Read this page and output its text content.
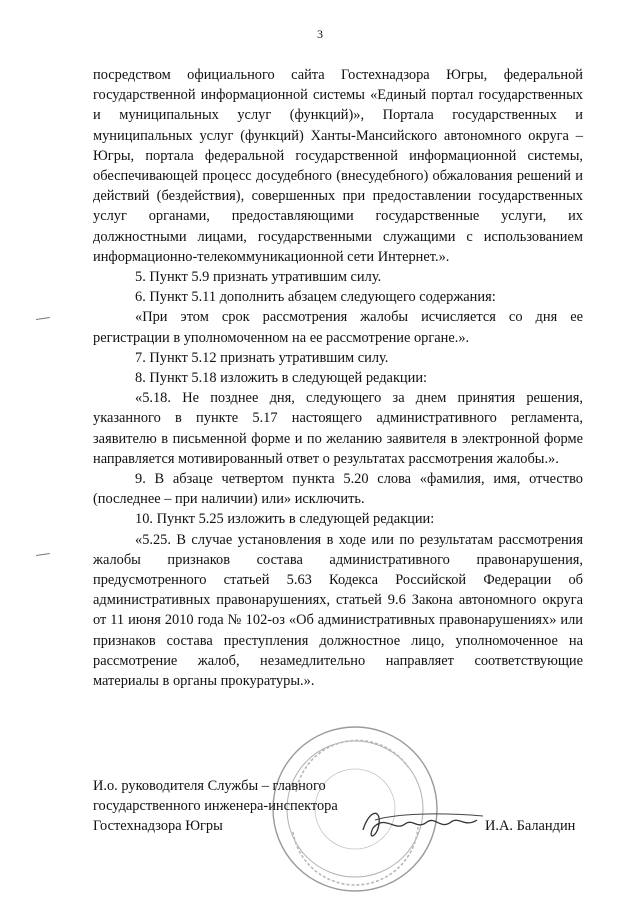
3

посредством официального сайта Гостехнадзора Югры, федеральной государственной информационной системы «Единый портал государственных и муниципальных услуг (функций)», Портала государственных и муниципальных услуг (функций) Ханты-Мансийского автономного округа – Югры, портала федеральной государственной информационной системы, обеспечивающей процесс досудебного (внесудебного) обжалования решений и действий (бездействия), совершенных при предоставлении государственных услуг органами, предоставляющими государственные услуги, их должностными лицами, государственными служащими с использованием информационно-телекоммуникационной сети Интернет.».

5. Пункт 5.9 признать утратившим силу.

6. Пункт 5.11 дополнить абзацем следующего содержания:

«При этом срок рассмотрения жалобы исчисляется со дня ее регистрации в уполномоченном на ее рассмотрение органе.».

7. Пункт 5.12 признать утратившим силу.

8. Пункт 5.18 изложить в следующей редакции:

«5.18. Не позднее дня, следующего за днем принятия решения, указанного в пункте 5.17 настоящего административного регламента, заявителю в письменной форме и по желанию заявителя в электронной форме направляется мотивированный ответ о результатах рассмотрения жалобы.».

9. В абзаце четвертом пункта 5.20 слова «фамилия, имя, отчество (последнее – при наличии) или» исключить.

10. Пункт 5.25 изложить в следующей редакции:

«5.25. В случае установления в ходе или по результатам рассмотрения жалобы признаков состава административного правонарушения, предусмотренного статьей 5.63 Кодекса Российской Федерации об административных правонарушениях, статьей 9.6 Закона автономного округа от 11 июня 2010 года № 102-оз «Об административных правонарушениях» или признаков состава преступления должностное лицо, уполномоченное на рассмотрение жалоб, незамедлительно направляет соответствующие материалы в органы прокуратуры.».

И.о. руководителя Службы – главного
государственного инженера-инспектора
Гостехнадзора Югры	И.А. Баландин
